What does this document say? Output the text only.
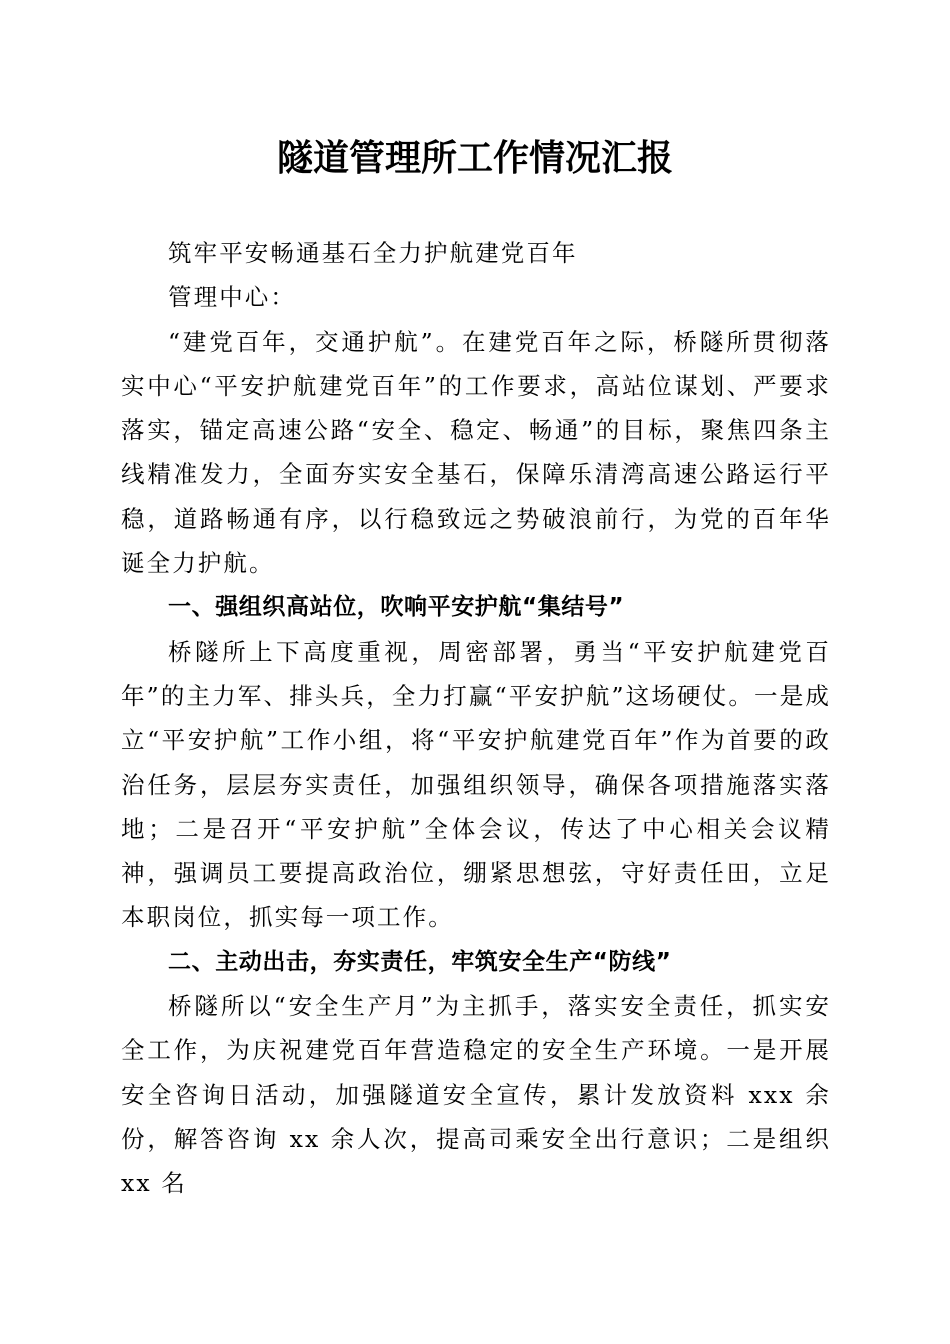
隧道管理所工作情况汇报

筑牢平安畅通基石全力护航建党百年

管理中心：

“建党百年，交通护航”。在建党百年之际，桥隧所贯彻落实中心“平安护航建党百年”的工作要求，高站位谋划、严要求落实，锚定高速公路“安全、稳定、畅通”的目标，聚焦四条主线精准发力，全面夯实安全基石，保障乐清湾高速公路运行平稳，道路畅通有序，以行稳致远之势破浪前行，为党的百年华诞全力护航。

一、强组织高站位，吹响平安护航“集结号”

桥隧所上下高度重视，周密部署，勇当“平安护航建党百年”的主力军、排头兵，全力打赢“平安护航”这场硬仗。一是成立“平安护航”工作小组，将“平安护航建党百年”作为首要的政治任务，层层夯实责任，加强组织领导，确保各项措施落实落地；二是召开“平安护航”全体会议，传达了中心相关会议精神，强调员工要提高政治位，绷紧思想弦，守好责任田，立足本职岗位，抓实每一项工作。

二、主动出击，夯实责任，牢筑安全生产“防线”

桥隧所以“安全生产月”为主抓手，落实安全责任，抓实安全工作，为庆祝建党百年营造稳定的安全生产环境。一是开展安全咨询日活动，加强隧道安全宣传，累计发放资料 xxx 余份，解答咨询 xx 余人次，提高司乘安全出行意识；二是组织 xx 名
